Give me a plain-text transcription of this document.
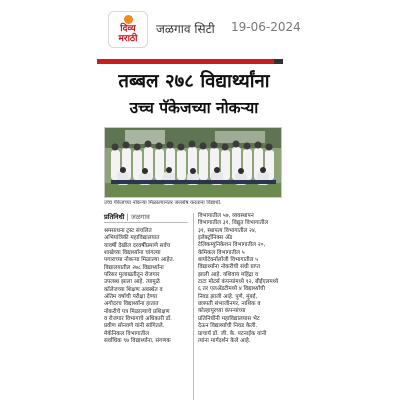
दिव्य
मराठी
जळगाव सिटी 19-06-2024
तब्बल २७८ विद्यार्थ्यांना
उच्च पॅकेजच्या नोकऱ्या
उच्च पॅकेजच्या नोकऱ्या मिळाल्यानंतर जल्लोष करताना विद्यार्थी.
प्रतिनिधी | जळगाव

श्रमसाधना ट्रस्ट संचलित

अभियांत्रिकी महाविद्यालयात

यावर्षी देखील दरवर्षीप्रमाणे सर्वच

शाखेच्या विद्यार्थ्यांना चांगल्या

पगाराच्या नोकऱ्या मिळाल्या आहेत.

विद्यालयातील २७८ विद्यार्थ्यांना

परिसर मुलाखतीतून रोजगार

उपलब्ध झाला आहे. त्यामुळे

कॉलेजच्या शिक्षण अवस्थेत व

अंतिम वर्षाची परीक्षा देण्या

अगोदरच विद्यार्थ्यांना हातात

नोकरीचे पत्र मिळाल्याचे प्रशिक्षण

व रोजगार विभागाचे अधिकारी डॉ.

प्रवीण सोनवणे यांनी सांगितले.

मेकॅनिकल विभागातील

सर्वाधिक ९७ विद्यार्थ्यांना, संगणक

विभागातील ५७, व्यवस्थापन

विभागातील ३१, विद्युत विभागातील

३१, स्थापत्य विभागातील २४,

इलेक्ट्रॉनिक्स अँड

टेलिकम्युनिकेशन विभागातील २०,

केमिकल विभागातील ५

बायोटेक्नॉलॉजी विभागातील ५

विद्यार्थ्यांना नोकरीची संधी प्राप्त

झाली आहे. यशिवाय महिंद्रा व

टाटा मोटर्स कंपन्यांमध्ये १२, बीईएलमध्ये

६ तर एलअँडटीमध्ये ४ विद्यार्थ्यांची

निवड झाली आहे. पुणे, मुंबई,

छत्रपती संभाजीनगर, नाशिक व

कोल्हापूरच्या कंपन्यांच्या

प्रतिनिधींनी महाविद्यालयास भेट

देऊन विद्यार्थ्यांची निवड केली.

प्राचार्य डॉ. जी. के. पटनाईक यांनी

त्यांना मार्गदर्शन केले आहे.
